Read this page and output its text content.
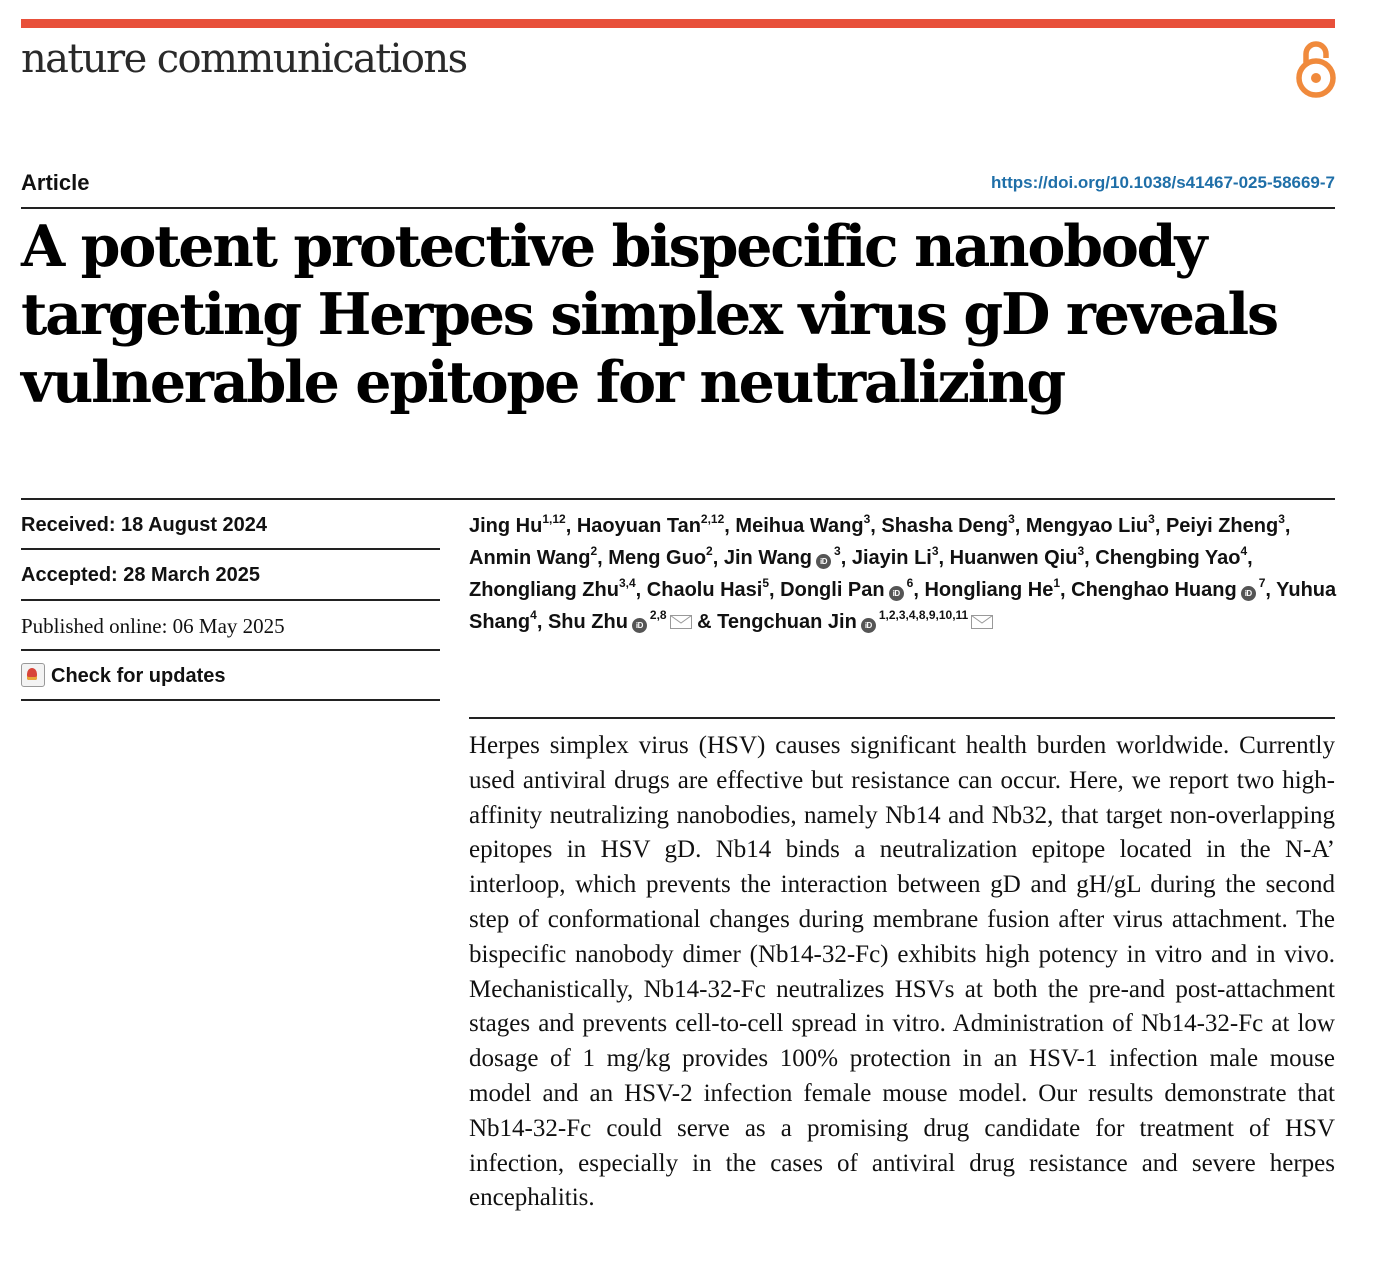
nature communications
Article	https://doi.org/10.1038/s41467-025-58669-7
A potent protective bispecific nanobody targeting Herpes simplex virus gD reveals vulnerable epitope for neutralizing
Received: 18 August 2024
Accepted: 28 March 2025
Published online: 06 May 2025
Check for updates

Jing Hu$^{1,12}$, Haoyuan Tan$^{2,12}$, Meihua Wang$^3$, Shasha Deng$^3$, Mengyao Liu$^3$, Peiyi Zheng$^3$, Anmin Wang$^2$, Meng Guo$^2$, Jin Wang iD$^3$, Jiayin Li$^3$, Huanwen Qiu$^3$, Chengbing Yao$^4$, Zhongliang Zhu$^{3,4}$, Chaolu Hasi$^5$, Dongli Pan iD$^6$, Hongliang He$^1$, Chenghao Huang iD$^7$, Yuhua Shang$^4$, Shu Zhu iD$^{2,8}$ & Tengchuan Jin iD$^{1,2,3,4,8,9,10,11}$

Herpes simplex virus (HSV) causes significant health burden worldwide. Currently used antiviral drugs are effective but resistance can occur. Here, we report two high-affinity neutralizing nanobodies, namely Nb14 and Nb32, that target non-overlapping epitopes in HSV gD. Nb14 binds a neutralization epitope located in the N-A’ interloop, which prevents the interaction between gD and gH/gL during the second step of conformational changes during membrane fusion after virus attachment. The bispecific nanobody dimer (Nb14-32-Fc) exhibits high potency in vitro and in vivo. Mechanistically, Nb14-32-Fc neutralizes HSVs at both the pre-and post-attachment stages and prevents cell-to-cell spread in vitro. Administration of Nb14-32-Fc at low dosage of 1 mg/kg provides 100% protection in an HSV-1 infection male mouse model and an HSV-2 infection female mouse model. Our results demonstrate that Nb14-32-Fc could serve as a promising drug candidate for treatment of HSV infection, especially in the cases of antiviral drug resistance and severe herpes encephalitis.
